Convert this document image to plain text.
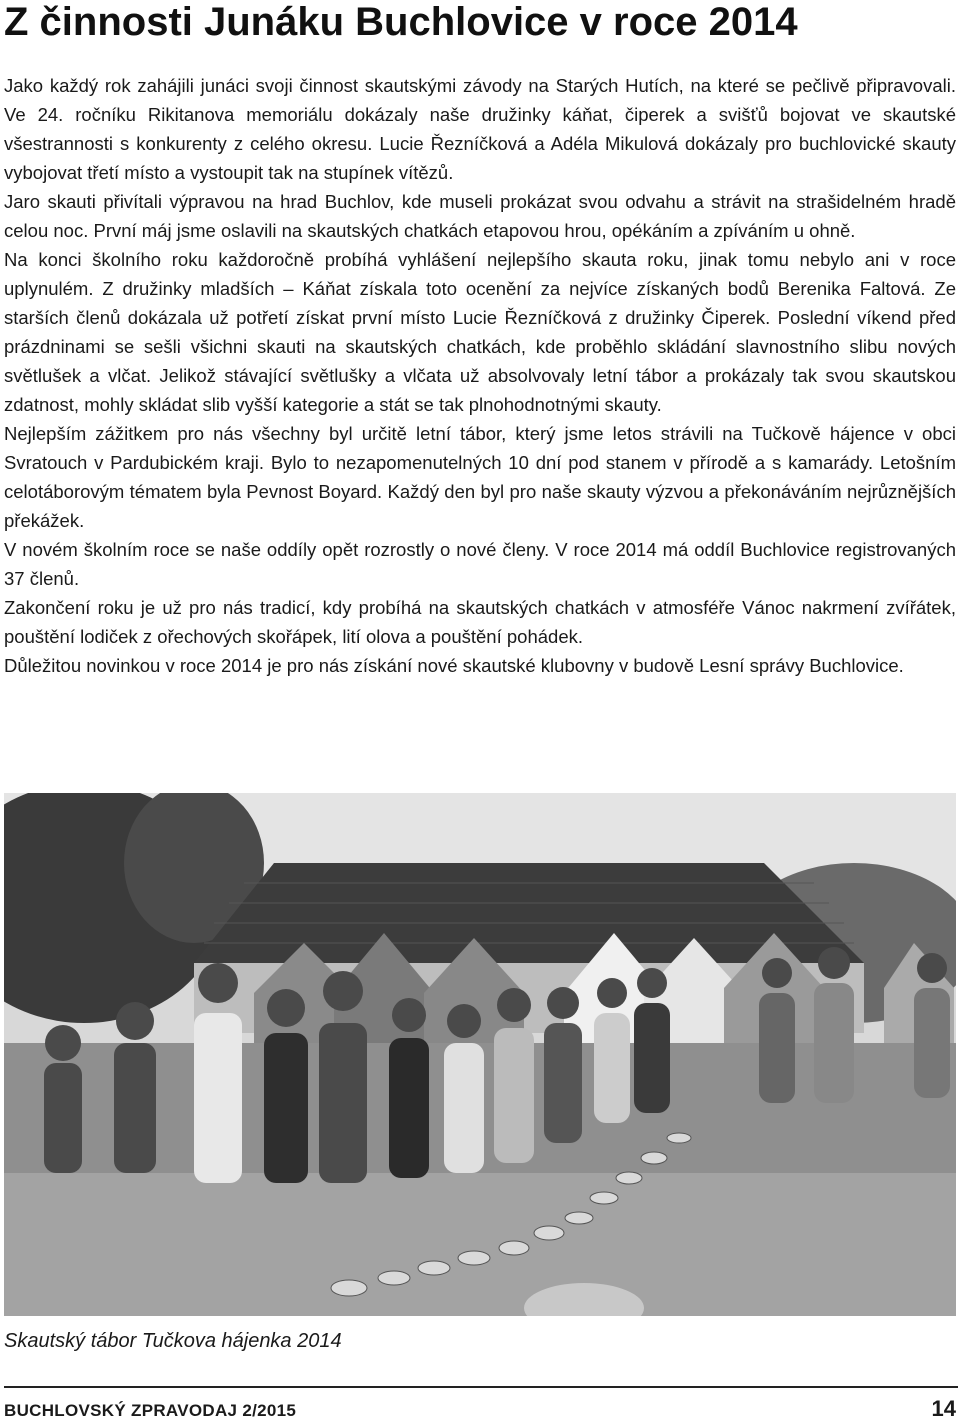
Z činnosti Junáku Buchlovice v roce 2014

Jako každý rok zahájili junáci svoji činnost skautskými závody na Starých Hutích, na které se pečlivě připravovali. Ve 24. ročníku Rikitanova memoriálu dokázaly naše družinky káňat, čiperek a svišťů bojovat ve skautské všestrannosti s konkurenty z celého okresu. Lucie Řezníčková a Adéla Mikulová dokázaly pro buchlovické skauty vybojovat třetí místo a vystoupit tak na stupínek vítězů.

Jaro skauti přivítali výpravou na hrad Buchlov, kde museli prokázat svou odvahu a strávit na strašidelném hradě celou noc. První máj jsme oslavili na skautských chatkách etapovou hrou, opékáním a zpíváním u ohně.

Na konci školního roku každoročně probíhá vyhlášení nejlepšího skauta roku, jinak tomu nebylo ani v roce uplynulém. Z družinky mladších – Káňat získala toto ocenění za nejvíce získaných bodů Berenika Faltová. Ze starších členů dokázala už potřetí získat první místo Lucie Řezníčková z družinky Čiperek. Poslední víkend před prázdninami se sešli všichni skauti na skautských chatkách, kde proběhlo skládání slavnostního slibu nových světlušek a vlčat. Jelikož stávající světlušky a vlčata už absolvovaly letní tábor a prokázaly tak svou skautskou zdatnost, mohly skládat slib vyšší kategorie a stát se tak plnohodnotnými skauty.

Nejlepším zážitkem pro nás všechny byl určitě letní tábor, který jsme letos strávili na Tučkově hájence v obci Svratouch v Pardubickém kraji. Bylo to nezapomenutelných 10 dní pod stanem v přírodě a s kamarády. Letošním celotáborovým tématem byla Pevnost Boyard. Každý den byl pro naše skauty výzvou a překonáváním nejrůznějších překážek.

V novém školním roce se naše oddíly opět rozrostly o nové členy. V roce 2014 má oddíl Buchlovice registrovaných 37 členů.

Zakončení roku je už pro nás tradicí, kdy probíhá na skautských chatkách v atmosféře Vánoc nakrmení zvířátek, pouštění lodiček z ořechových skořápek, lití olova a pouštění pohádek.

Důležitou novinkou v roce 2014 je pro nás získání nové skautské klubovny v budově Lesní správy Buchlovice.

Skautský tábor Tučkova hájenka 2014
BUCHLOVSKÝ ZPRAVODAJ 2/2015	14
